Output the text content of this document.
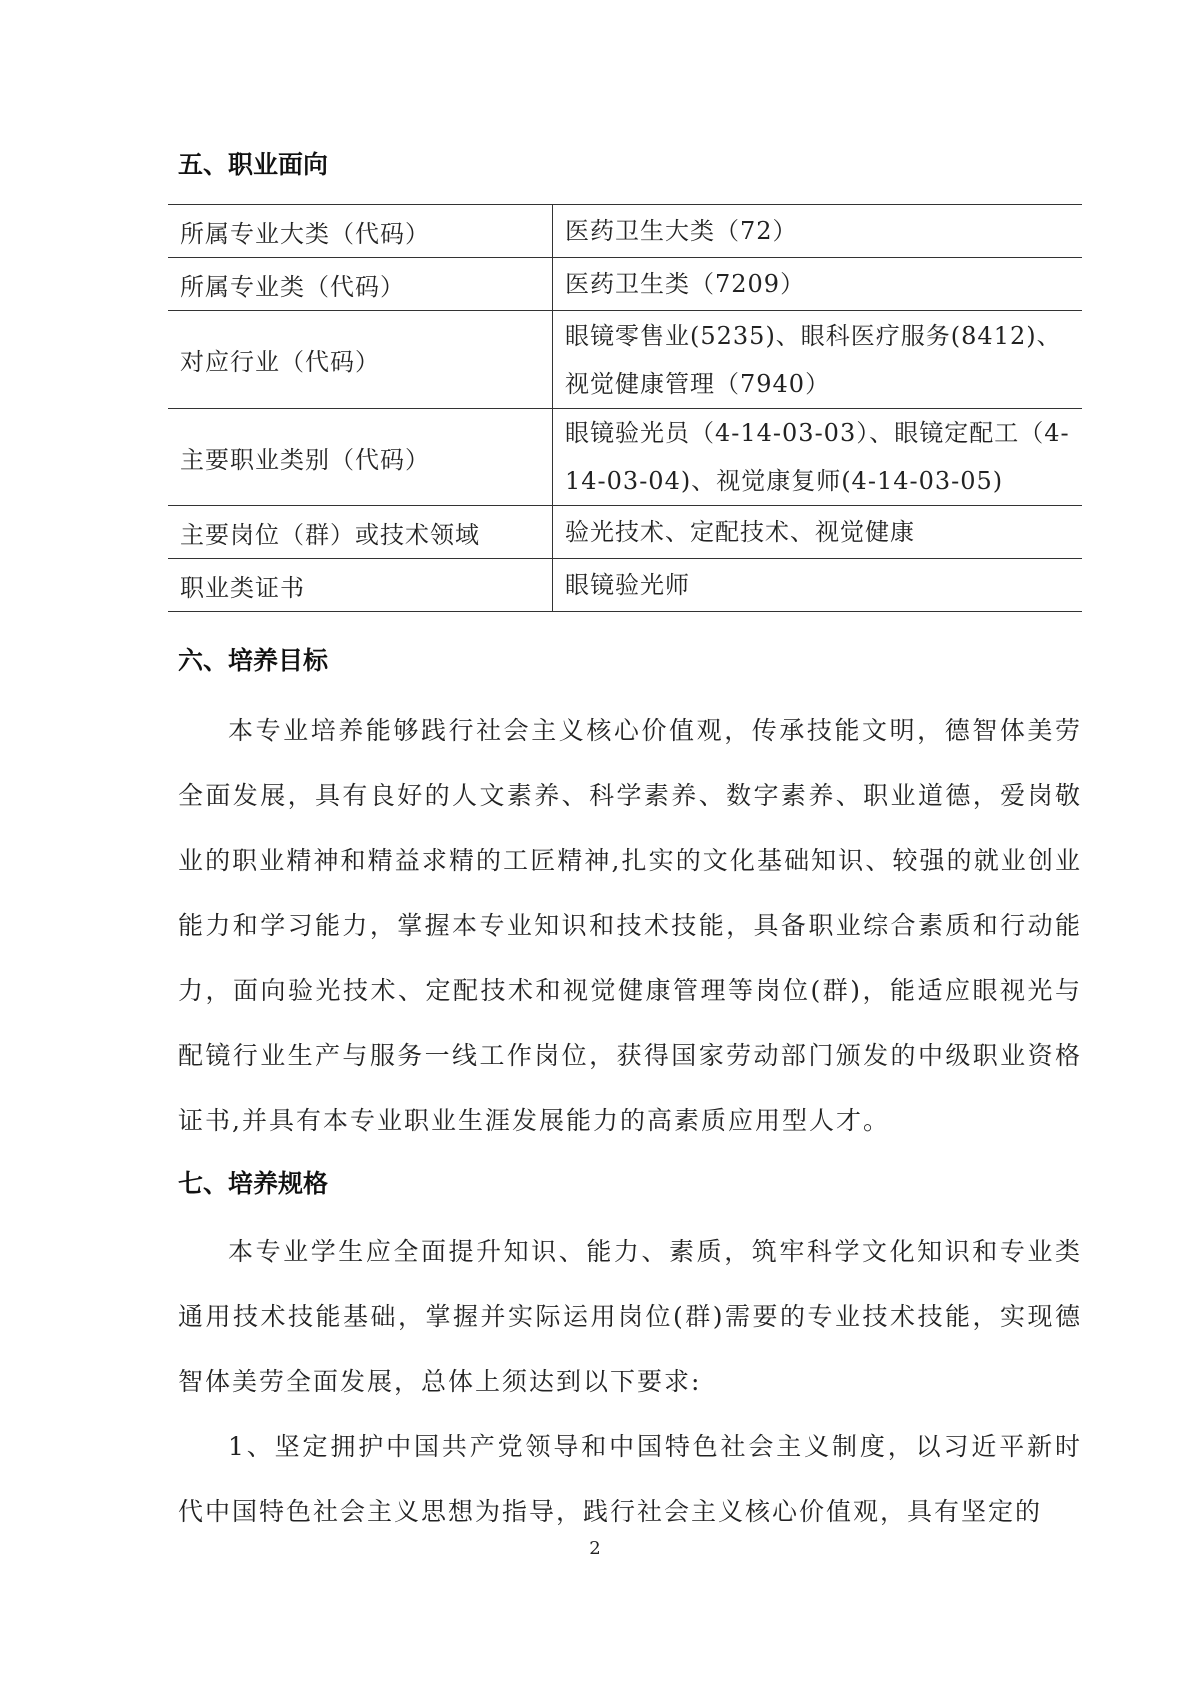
五、职业面向
所属专业大类（代码）	医药卫生大类（72）
所属专业类（代码）	医药卫生类（7209）
对应行业（代码）	眼镜零售业(5235)、眼科医疗服务(8412)、视觉健康管理（7940）
主要职业类别（代码）	眼镜验光员（4-14-03-03）、眼镜定配工（4-14-03-04)、视觉康复师(4-14-03-05)
主要岗位（群）或技术领域	验光技术、定配技术、视觉健康
职业类证书	眼镜验光师
六、培养目标

本专业培养能够践行社会主义核心价值观，传承技能文明，德智体美劳全面发展，具有良好的人文素养、科学素养、数字素养、职业道德，爱岗敬业的职业精神和精益求精的工匠精神,扎实的文化基础知识、较强的就业创业能力和学习能力，掌握本专业知识和技术技能，具备职业综合素质和行动能力，面向验光技术、定配技术和视觉健康管理等岗位(群)，能适应眼视光与配镜行业生产与服务一线工作岗位，获得国家劳动部门颁发的中级职业资格证书,并具有本专业职业生涯发展能力的高素质应用型人才。

七、培养规格

本专业学生应全面提升知识、能力、素质，筑牢科学文化知识和专业类通用技术技能基础，掌握并实际运用岗位(群)需要的专业技术技能，实现德智体美劳全面发展，总体上须达到以下要求:

1、坚定拥护中国共产党领导和中国特色社会主义制度，以习近平新时代中国特色社会主义思想为指导，践行社会主义核心价值观，具有坚定的

2
